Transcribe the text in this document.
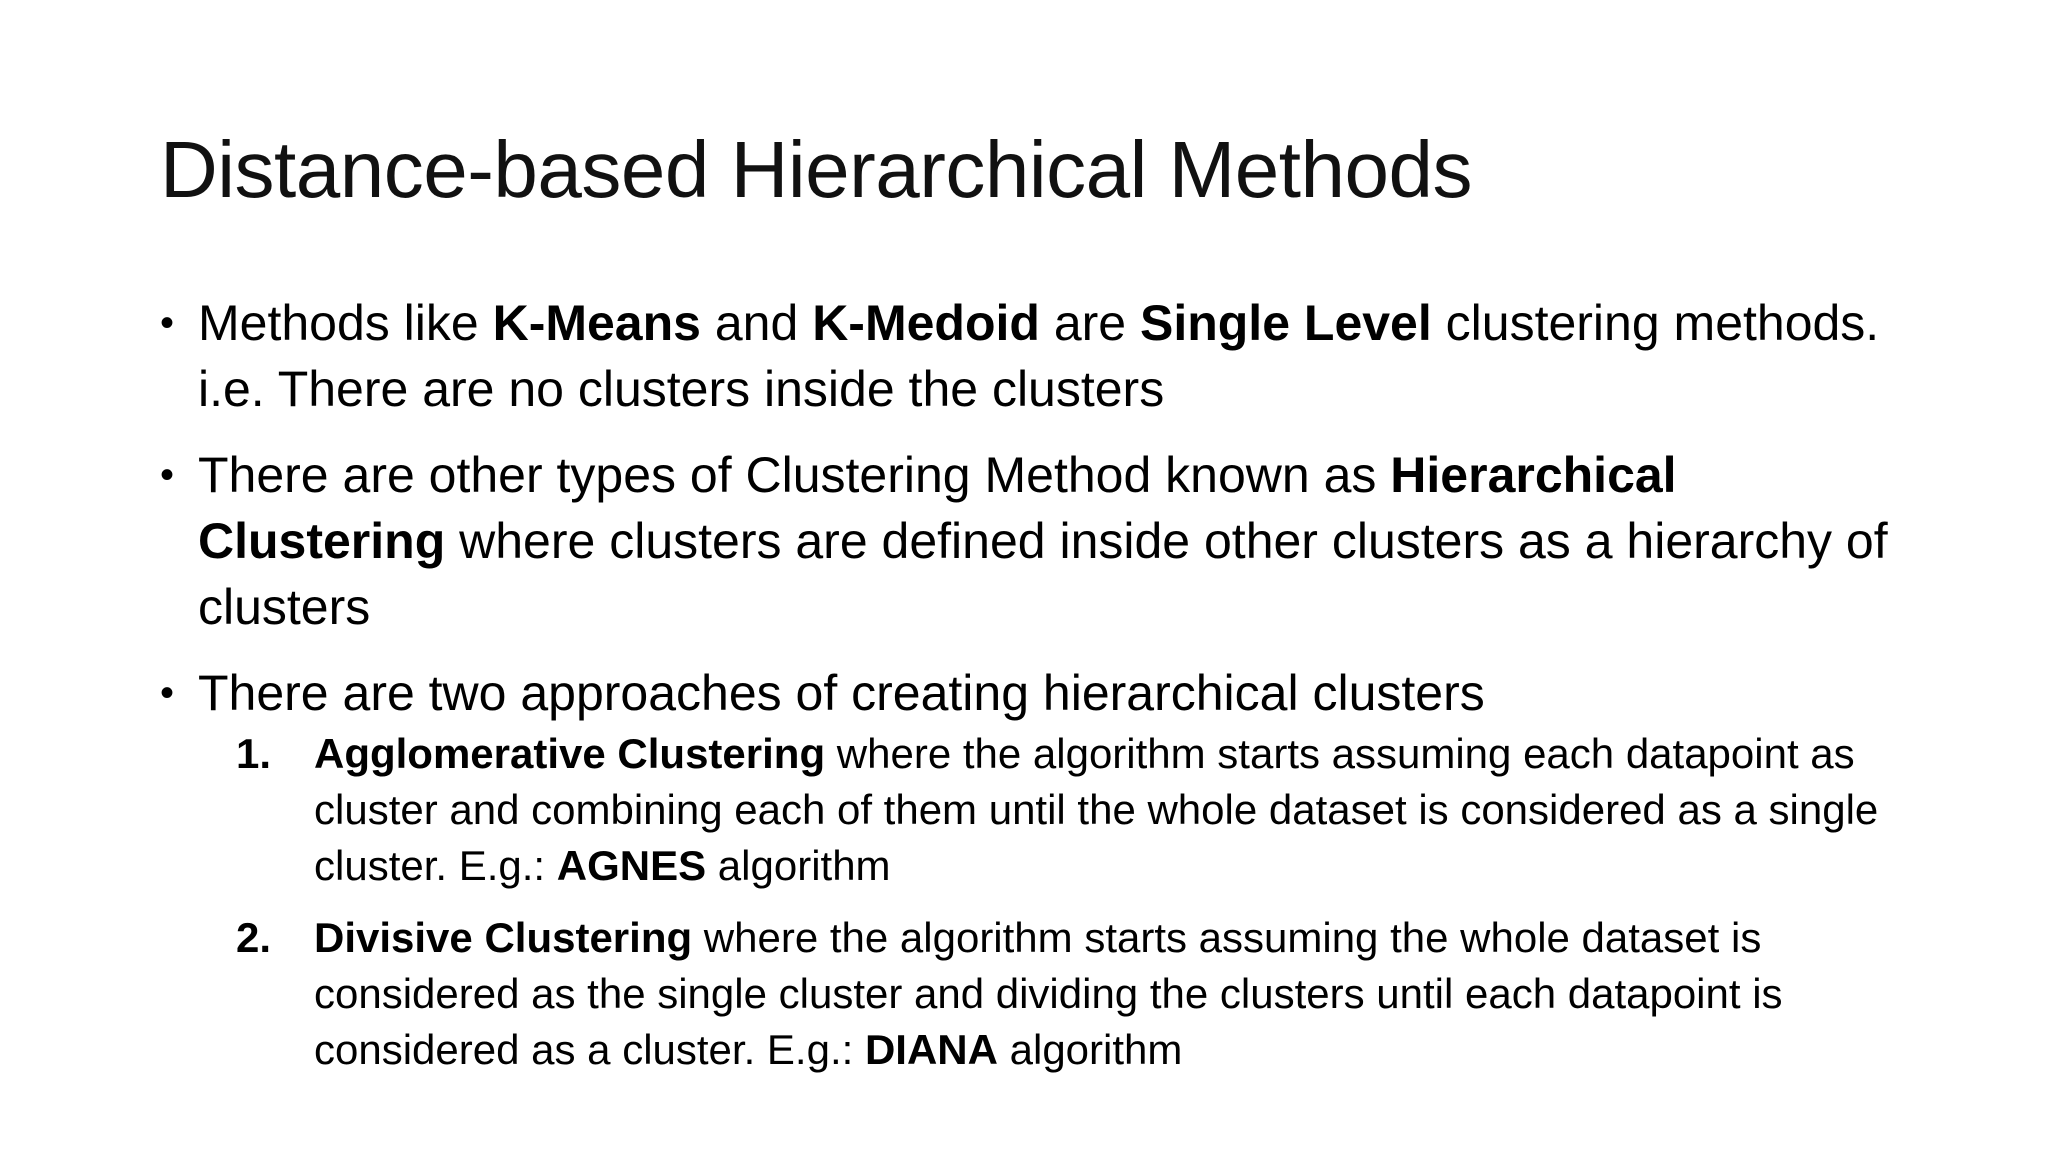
Distance-based Hierarchical Methods
• Methods like K-Means and K-Medoid are Single Level clustering methods. i.e. There are no clusters inside the clusters
• There are other types of Clustering Method known as Hierarchical Clustering where clusters are defined inside other clusters as a hierarchy of clusters
• There are two approaches of creating hierarchical clusters
1. Agglomerative Clustering where the algorithm starts assuming each datapoint as cluster and combining each of them until the whole dataset is considered as a single cluster. E.g.: AGNES algorithm
2. Divisive Clustering where the algorithm starts assuming the whole dataset is considered as the single cluster and dividing the clusters until each datapoint is considered as a cluster. E.g.: DIANA algorithm
